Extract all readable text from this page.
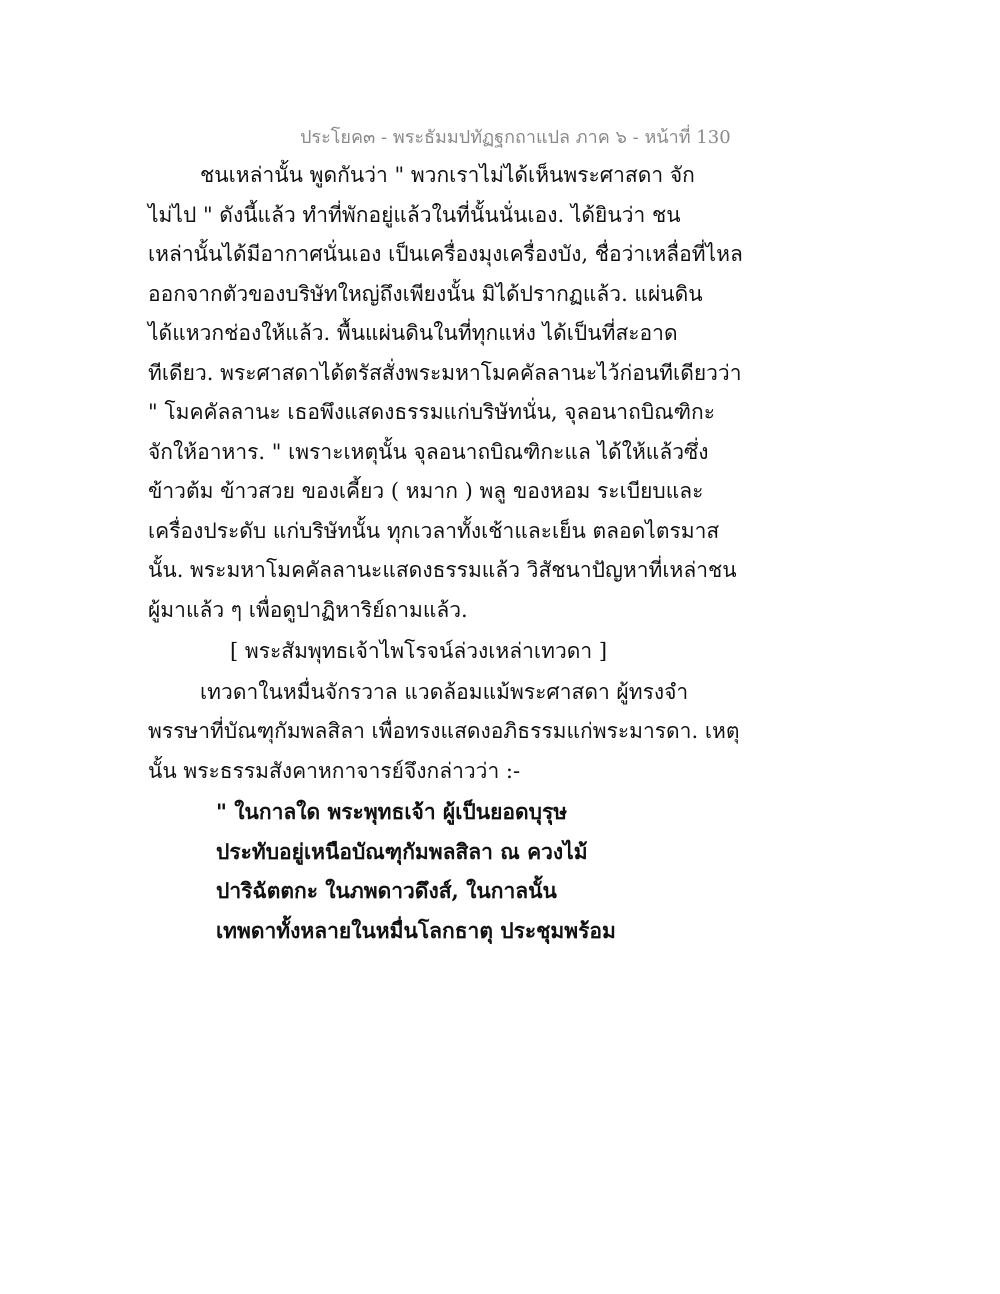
ประโยค๓ - พระธัมมปทัฏฐกถาแปล ภาค ๖ - หน้าที่ 130
ชนเหล่านั้น พูดกันว่า " พวกเราไม่ได้เห็นพระศาสดา จัก
ไม่ไป " ดังนี้แล้ว ทำที่พักอยู่แล้วในที่นั้นนั่นเอง. ได้ยินว่า ชน
เหล่านั้นได้มีอากาศนั่นเอง เป็นเครื่องมุงเครื่องบัง, ชื่อว่าเหลื่อที่ไหล
ออกจากตัวของบริษัทใหญ่ถึงเพียงนั้น มิได้ปรากฏแล้ว. แผ่นดิน
ได้แหวกช่องให้แล้ว. พื้นแผ่นดินในที่ทุกแห่ง ได้เป็นที่สะอาด
ทีเดียว. พระศาสดาได้ตรัสสั่งพระมหาโมคคัลลานะไว้ก่อนทีเดียวว่า
" โมคคัลลานะ เธอพึงแสดงธรรมแก่บริษัทนั่น, จุลอนาถบิณฑิกะ
จักให้อาหาร. " เพราะเหตุนั้น จุลอนาถบิณฑิกะแล ได้ให้แล้วซึ่ง
ข้าวต้ม ข้าวสวย ของเคี้ยว ( หมาก ) พลู ของหอม ระเบียบและ
เครื่องประดับ แก่บริษัทนั้น ทุกเวลาทั้งเช้าและเย็น ตลอดไตรมาส
นั้น. พระมหาโมคคัลลานะแสดงธรรมแล้ว วิสัชนาปัญหาที่เหล่าชน
ผู้มาแล้ว ๆ เพื่อดูปาฏิหาริย์ถามแล้ว.
[ พระสัมพุทธเจ้าไพโรจน์ล่วงเหล่าเทวดา ]
เทวดาในหมื่นจักรวาล แวดล้อมแม้พระศาสดา ผู้ทรงจำ
พรรษาที่บัณฑุกัมพลสิลา เพื่อทรงแสดงอภิธรรมแก่พระมารดา. เหตุ
นั้น พระธรรมสังคาหกาจารย์จึงกล่าวว่า :-
" ในกาลใด พระพุทธเจ้า ผู้เป็นยอดบุรุษ
ประทับอยู่เหนือบัณฑุกัมพลสิลา ณ ควงไม้
ปาริฉัตตกะ ในภพดาวดึงส์, ในกาลนั้น
เทพดาทั้งหลายในหมื่นโลกธาตุ ประชุมพร้อม
